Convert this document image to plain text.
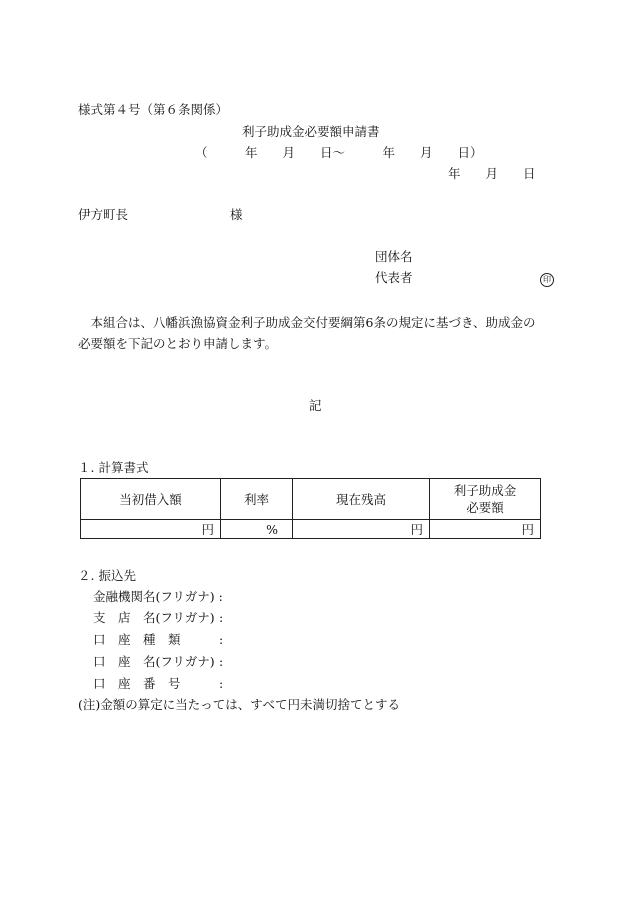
様式第４号（第６条関係）
利子助成金必要額申請書
（　　　年　　月　　日～　　　年　　月　　日）
年　　月　　日
伊方町長	様
団体名
代表者	印
　本組合は、八幡浜漁協資金利子助成金交付要綱第6条の規定に基づき、助成金の
必要額を下記のとおり申請します。
記
１. 計算書式
当初借入額	利率	現在残高	利子助成金
必要額

円	%	円	円
２. 振込先
金融機関名(フリガナ) :
支　店　名(フリガナ) :
口　座　種　類	:
口　座　名(フリガナ) :
口　座　番　号	:
(注)金額の算定に当たっては、すべて円未満切捨てとする
